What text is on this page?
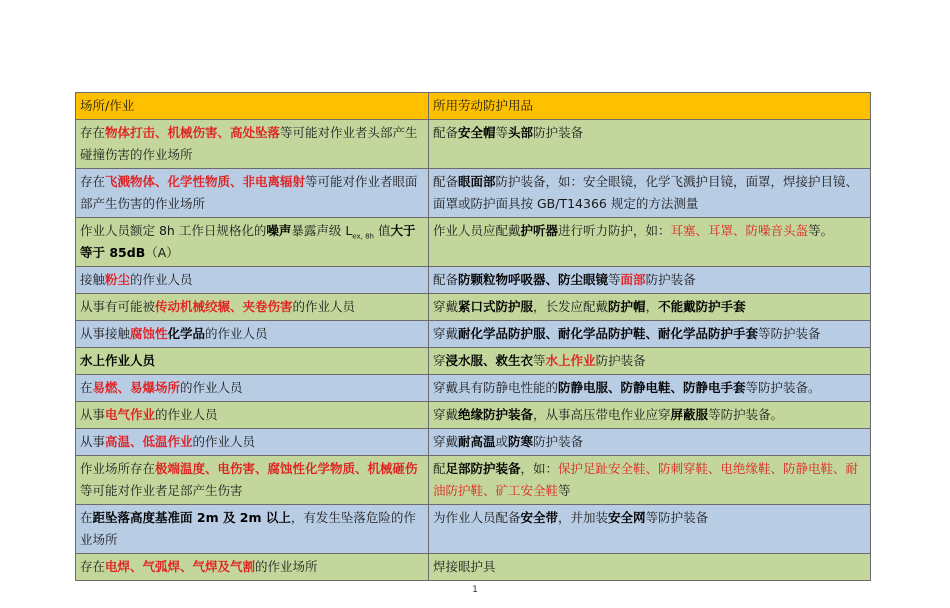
场所/作业	所用劳动防护用品
存在物体打击、机械伤害、高处坠落等可能对作业者头部产生碰撞伤害的作业场所	配备安全帽等头部防护装备
存在飞溅物体、化学性物质、非电离辐射等可能对作业者眼面部产生伤害的作业场所	配备眼面部防护装备，如：安全眼镜，化学飞溅护目镜，面罩，焊接护目镜、面罩或防护面具按 GB/T14366 规定的方法测量
作业人员额定 8h 工作日规格化的噪声暴露声级 $L_{ex, 8h}$ 值大于等于 85dB（A）	作业人员应配戴护听器进行听力防护，如：耳塞、耳罩、防噪音头盔等。
接触粉尘的作业人员	配备防颗粒物呼吸器、防尘眼镜等面部防护装备
从事有可能被传动机械绞辗、夹卷伤害的作业人员	穿戴紧口式防护服，长发应配戴防护帽，不能戴防护手套
从事接触腐蚀性化学品的作业人员	穿戴耐化学品防护服、耐化学品防护鞋、耐化学品防护手套等防护装备
水上作业人员	穿浸水服、救生衣等水上作业防护装备
在易燃、易爆场所的作业人员	穿戴具有防静电性能的防静电服、防静电鞋、防静电手套等防护装备。
从事电气作业的作业人员	穿戴绝缘防护装备，从事高压带电作业应穿屏蔽服等防护装备。
从事高温、低温作业的作业人员	穿戴耐高温或防寒防护装备
作业场所存在极端温度、电伤害、腐蚀性化学物质、机械砸伤等可能对作业者足部产生伤害	配足部防护装备，如：保护足趾安全鞋、防刺穿鞋、电绝缘鞋、防静电鞋、耐油防护鞋、矿工安全鞋等
在距坠落高度基准面 2m 及 2m 以上，有发生坠落危险的作业场所	为作业人员配备安全带，并加装安全网等防护装备
存在电焊、气弧焊、气焊及气割的作业场所	焊接眼护具
1
